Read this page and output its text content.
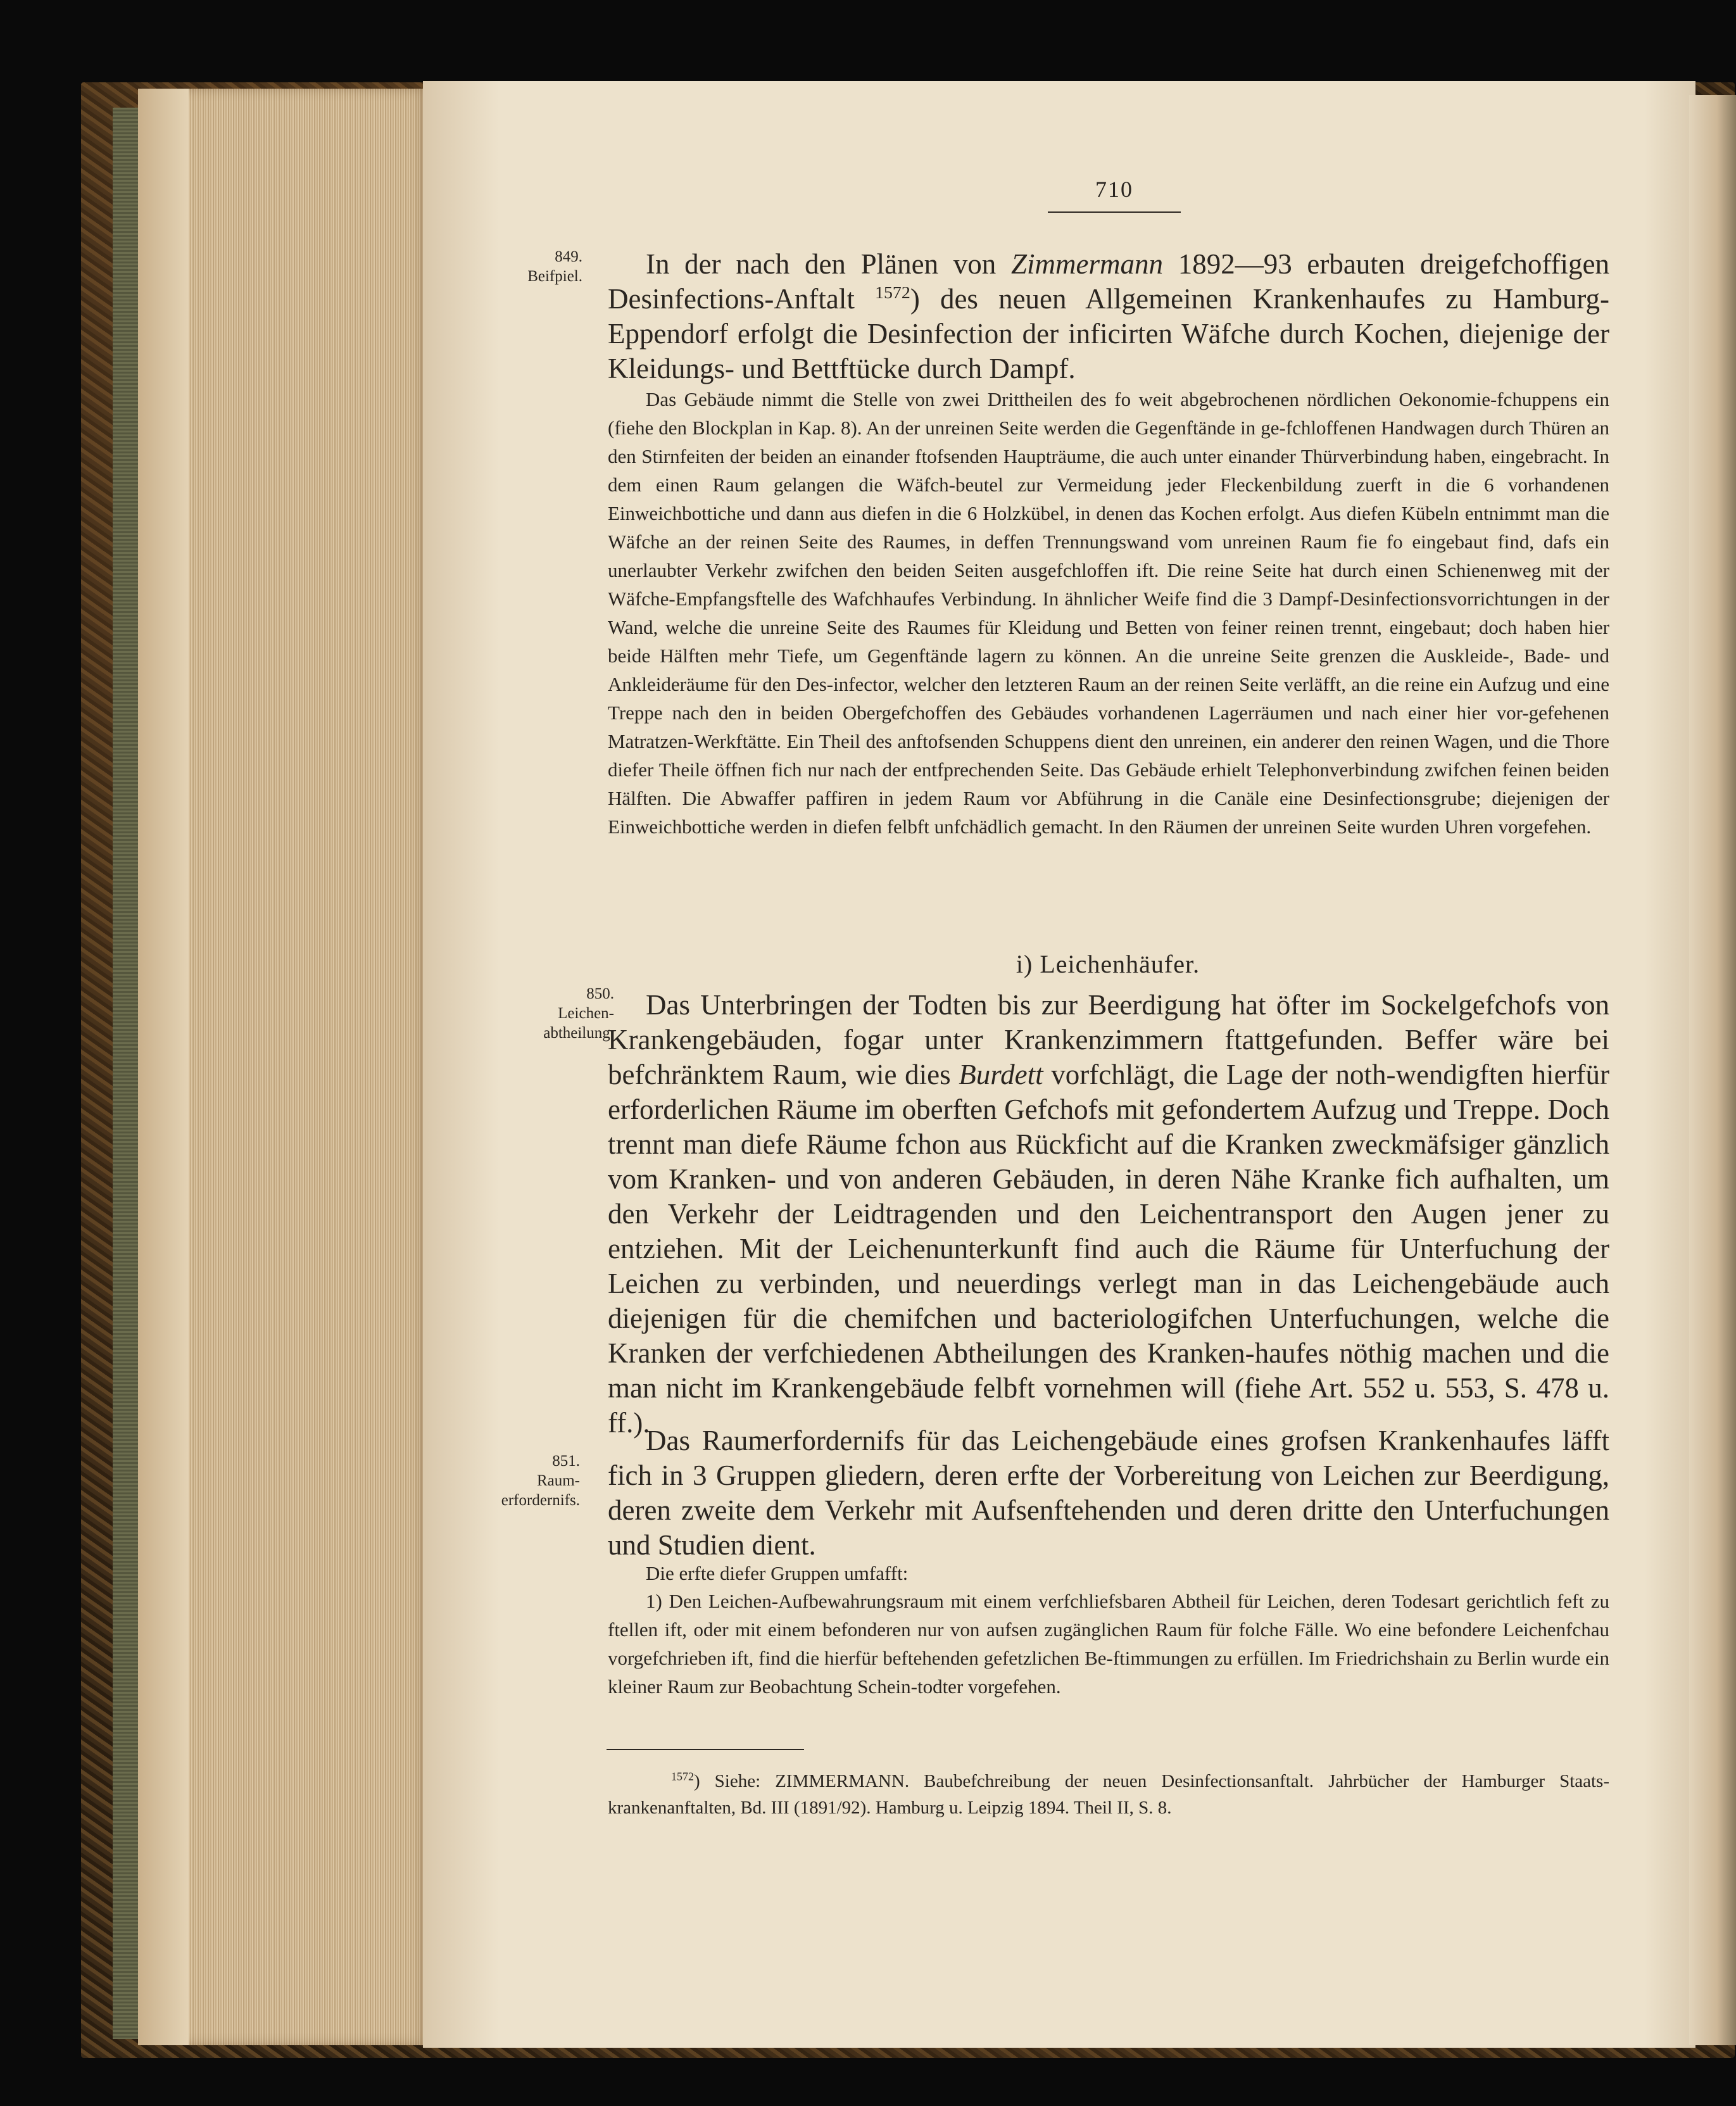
710
849.
Beifpiel.
850.
Leichen-
abtheilung.
851.
Raum-
erfordernifs.

In der nach den Plänen von Zimmermann 1892—93 erbauten dreigefchoffigen Desinfections-Anftalt $^{1572}$) des neuen Allgemeinen Krankenhaufes zu Hamburg-Eppendorf erfolgt die Desinfection der inficirten Wäfche durch Kochen, diejenige der Kleidungs- und Bettftücke durch Dampf.

Das Gebäude nimmt die Stelle von zwei Drittheilen des fo weit abgebrochenen nördlichen Oekonomie-fchuppens ein (fiehe den Blockplan in Kap. 8). An der unreinen Seite werden die Gegenftände in ge-fchloffenen Handwagen durch Thüren an den Stirnfeiten der beiden an einander ftofsenden Haupträume, die auch unter einander Thürverbindung haben, eingebracht. In dem einen Raum gelangen die Wäfch-beutel zur Vermeidung jeder Fleckenbildung zuerft in die 6 vorhandenen Einweichbottiche und dann aus diefen in die 6 Holzkübel, in denen das Kochen erfolgt. Aus diefen Kübeln entnimmt man die Wäfche an der reinen Seite des Raumes, in deffen Trennungswand vom unreinen Raum fie fo eingebaut find, dafs ein unerlaubter Verkehr zwifchen den beiden Seiten ausgefchloffen ift. Die reine Seite hat durch einen Schienenweg mit der Wäfche-Empfangsftelle des Wafchhaufes Verbindung. In ähnlicher Weife find die 3 Dampf-Desinfectionsvorrichtungen in der Wand, welche die unreine Seite des Raumes für Kleidung und Betten von feiner reinen trennt, eingebaut; doch haben hier beide Hälften mehr Tiefe, um Gegenftände lagern zu können. An die unreine Seite grenzen die Auskleide-, Bade- und Ankleideräume für den Des-infector, welcher den letzteren Raum an der reinen Seite verläfft, an die reine ein Aufzug und eine Treppe nach den in beiden Obergefchoffen des Gebäudes vorhandenen Lagerräumen und nach einer hier vor-gefehenen Matratzen-Werkftätte. Ein Theil des anftofsenden Schuppens dient den unreinen, ein anderer den reinen Wagen, und die Thore diefer Theile öffnen fich nur nach der entfprechenden Seite. Das Gebäude erhielt Telephonverbindung zwifchen feinen beiden Hälften. Die Abwaffer paffiren in jedem Raum vor Abführung in die Canäle eine Desinfectionsgrube; diejenigen der Einweichbottiche werden in diefen felbft unfchädlich gemacht. In den Räumen der unreinen Seite wurden Uhren vorgefehen.

i) Leichenhäufer.

Das Unterbringen der Todten bis zur Beerdigung hat öfter im Sockelgefchofs von Krankengebäuden, fogar unter Krankenzimmern ftattgefunden. Beffer wäre bei befchränktem Raum, wie dies Burdett vorfchlägt, die Lage der noth-wendigften hierfür erforderlichen Räume im oberften Gefchofs mit gefondertem Aufzug und Treppe. Doch trennt man diefe Räume fchon aus Rückficht auf die Kranken zweckmäfsiger gänzlich vom Kranken- und von anderen Gebäuden, in deren Nähe Kranke fich aufhalten, um den Verkehr der Leidtragenden und den Leichentransport den Augen jener zu entziehen. Mit der Leichenunterkunft find auch die Räume für Unterfuchung der Leichen zu verbinden, und neuerdings verlegt man in das Leichengebäude auch diejenigen für die chemifchen und bacteriologifchen Unterfuchungen, welche die Kranken der verfchiedenen Abtheilungen des Kranken-haufes nöthig machen und die man nicht im Krankengebäude felbft vornehmen will (fiehe Art. 552 u. 553, S. 478 u. ff.).

Das Raumerfordernifs für das Leichengebäude eines grofsen Krankenhaufes läfft fich in 3 Gruppen gliedern, deren erfte der Vorbereitung von Leichen zur Beerdigung, deren zweite dem Verkehr mit Aufsenftehenden und deren dritte den Unterfuchungen und Studien dient.

Die erfte diefer Gruppen umfafft:

1) Den Leichen-Aufbewahrungsraum mit einem verfchliefsbaren Abtheil für Leichen, deren Todesart gerichtlich feft zu ftellen ift, oder mit einem befonderen nur von aufsen zugänglichen Raum für folche Fälle. Wo eine befondere Leichenfchau vorgefchrieben ift, find die hierfür beftehenden gefetzlichen Be-ftimmungen zu erfüllen. Im Friedrichshain zu Berlin wurde ein kleiner Raum zur Beobachtung Schein-todter vorgefehen.

$^{1572}$) Siehe: ZIMMERMANN. Baubefchreibung der neuen Desinfectionsanftalt. Jahrbücher der Hamburger Staats-krankenanftalten, Bd. III (1891/92). Hamburg u. Leipzig 1894. Theil II, S. 8.
